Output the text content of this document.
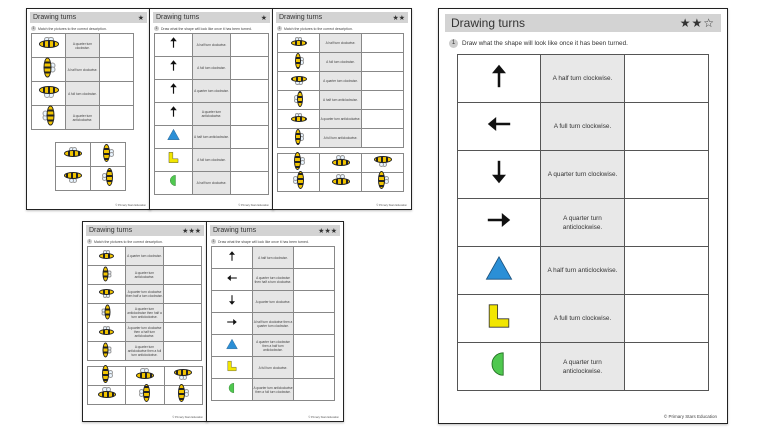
Drawing turns	★
1	Match the pictures to the correct description.
	A quarter turn clockwise.	

	A half turn clockwise.	

	A full turn clockwise.	

	A quarter turn anticlockwise.	

© Primary Stars Education
Drawing turns	★
1	Draw what the shape will look like once it has been turned.
	A half turn clockwise.	
	A full turn clockwise.	
	A quarter turn clockwise.	
	A quarter turn anticlockwise.	
	A half turn anticlockwise.	
	A full turn clockwise.	
	A half turn clockwise.	
© Primary Stars Education
Drawing turns	★★
1	Match the pictures to the correct description.
	A half turn clockwise.	

	A full turn clockwise.	

	A quarter turn clockwise.	

	A half turn anticlockwise.	

	A quarter turn anticlockwise.	

	A full turn anticlockwise.	

© Primary Stars Education
Drawing turns	★★★
1	Match the pictures to the correct description.
	A quarter turn clockwise.	

	A quarter turn anticlockwise.	

	A quarter turn clockwise then half a turn clockwise.	

	A quarter turn anticlockwise then half a turn anticlockwise.	

	A quarter turn clockwise then a half turn anticlockwise.	

	A quarter turn anticlockwise then a full turn anticlockwise.	

© Primary Stars Education
Drawing turns	★★★
1	Draw what the shape will look like once it has been turned.
	A half turn clockwise.	
	A quarter turn clockwise then half a turn clockwise.	
	A quarter turn clockwise.	
	A half turn clockwise then a quarter turn clockwise.	
	A quarter turn clockwise then a half turn anticlockwise.	
	A full turn clockwise.	
	A quarter turn anticlockwise then a full turn clockwise.	
© Primary Stars Education
Drawing turns	★★☆
1	Draw what the shape will look like once it has been turned.
	A half turn clockwise.	
	A full turn clockwise.	
	A quarter turn clockwise.	
	A quarter turn anticlockwise.	
	A half turn anticlockwise.	
	A full turn clockwise.	
	A quarter turn anticlockwise.	
© Primary Stars Education
